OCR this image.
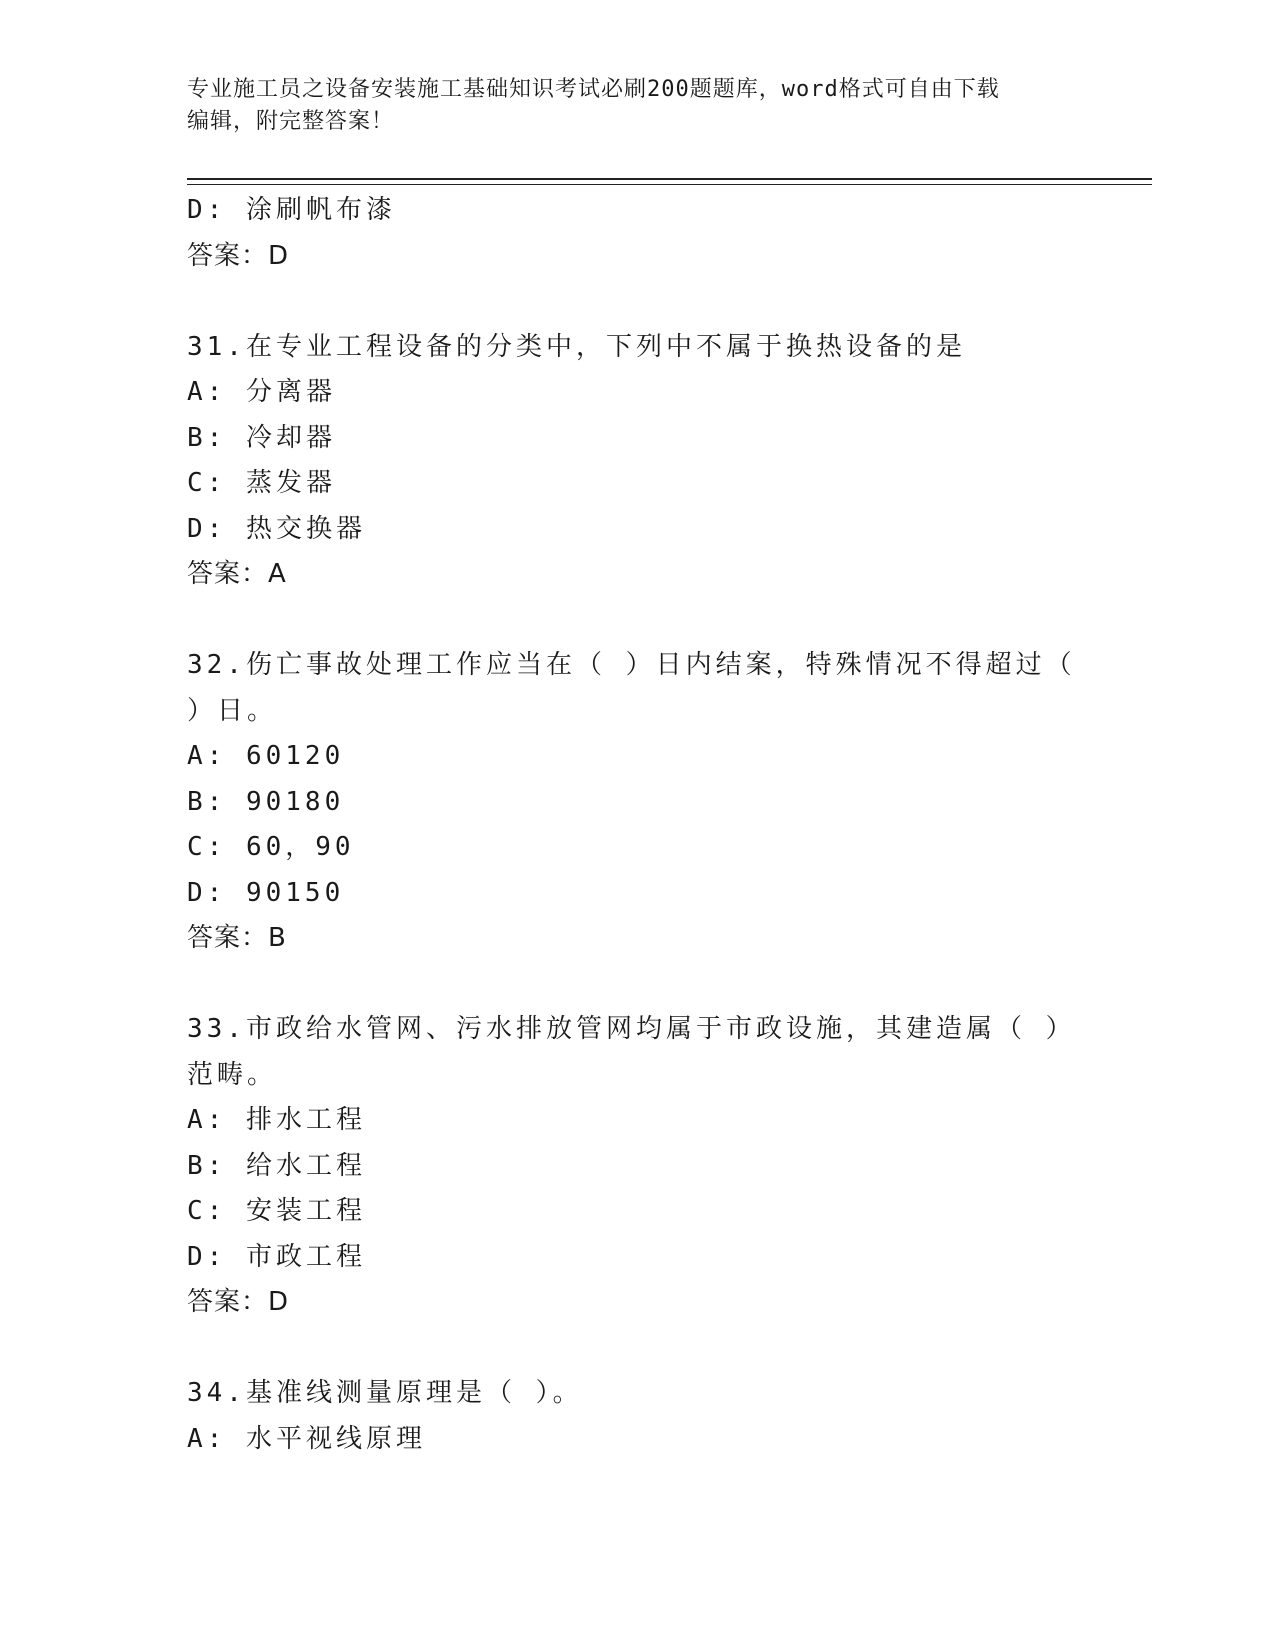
专业施工员之设备安装施工基础知识考试必刷200题题库，word格式可自由下载
编辑，附完整答案！
D: 涂刷帆布漆
答案：D
31.在专业工程设备的分类中，下列中不属于换热设备的是
A: 分离器
B: 冷却器
C: 蒸发器
D: 热交换器
答案：A
32.伤亡事故处理工作应当在（ ）日内结案，特殊情况不得超过（ ）日。
A: 60120
B: 90180
C: 60，90
D: 90150
答案：B
33.市政给水管网、污水排放管网均属于市政设施，其建造属（ ）范畴。
A: 排水工程
B: 给水工程
C: 安装工程
D: 市政工程
答案：D
34.基准线测量原理是（ ）。
A: 水平视线原理
